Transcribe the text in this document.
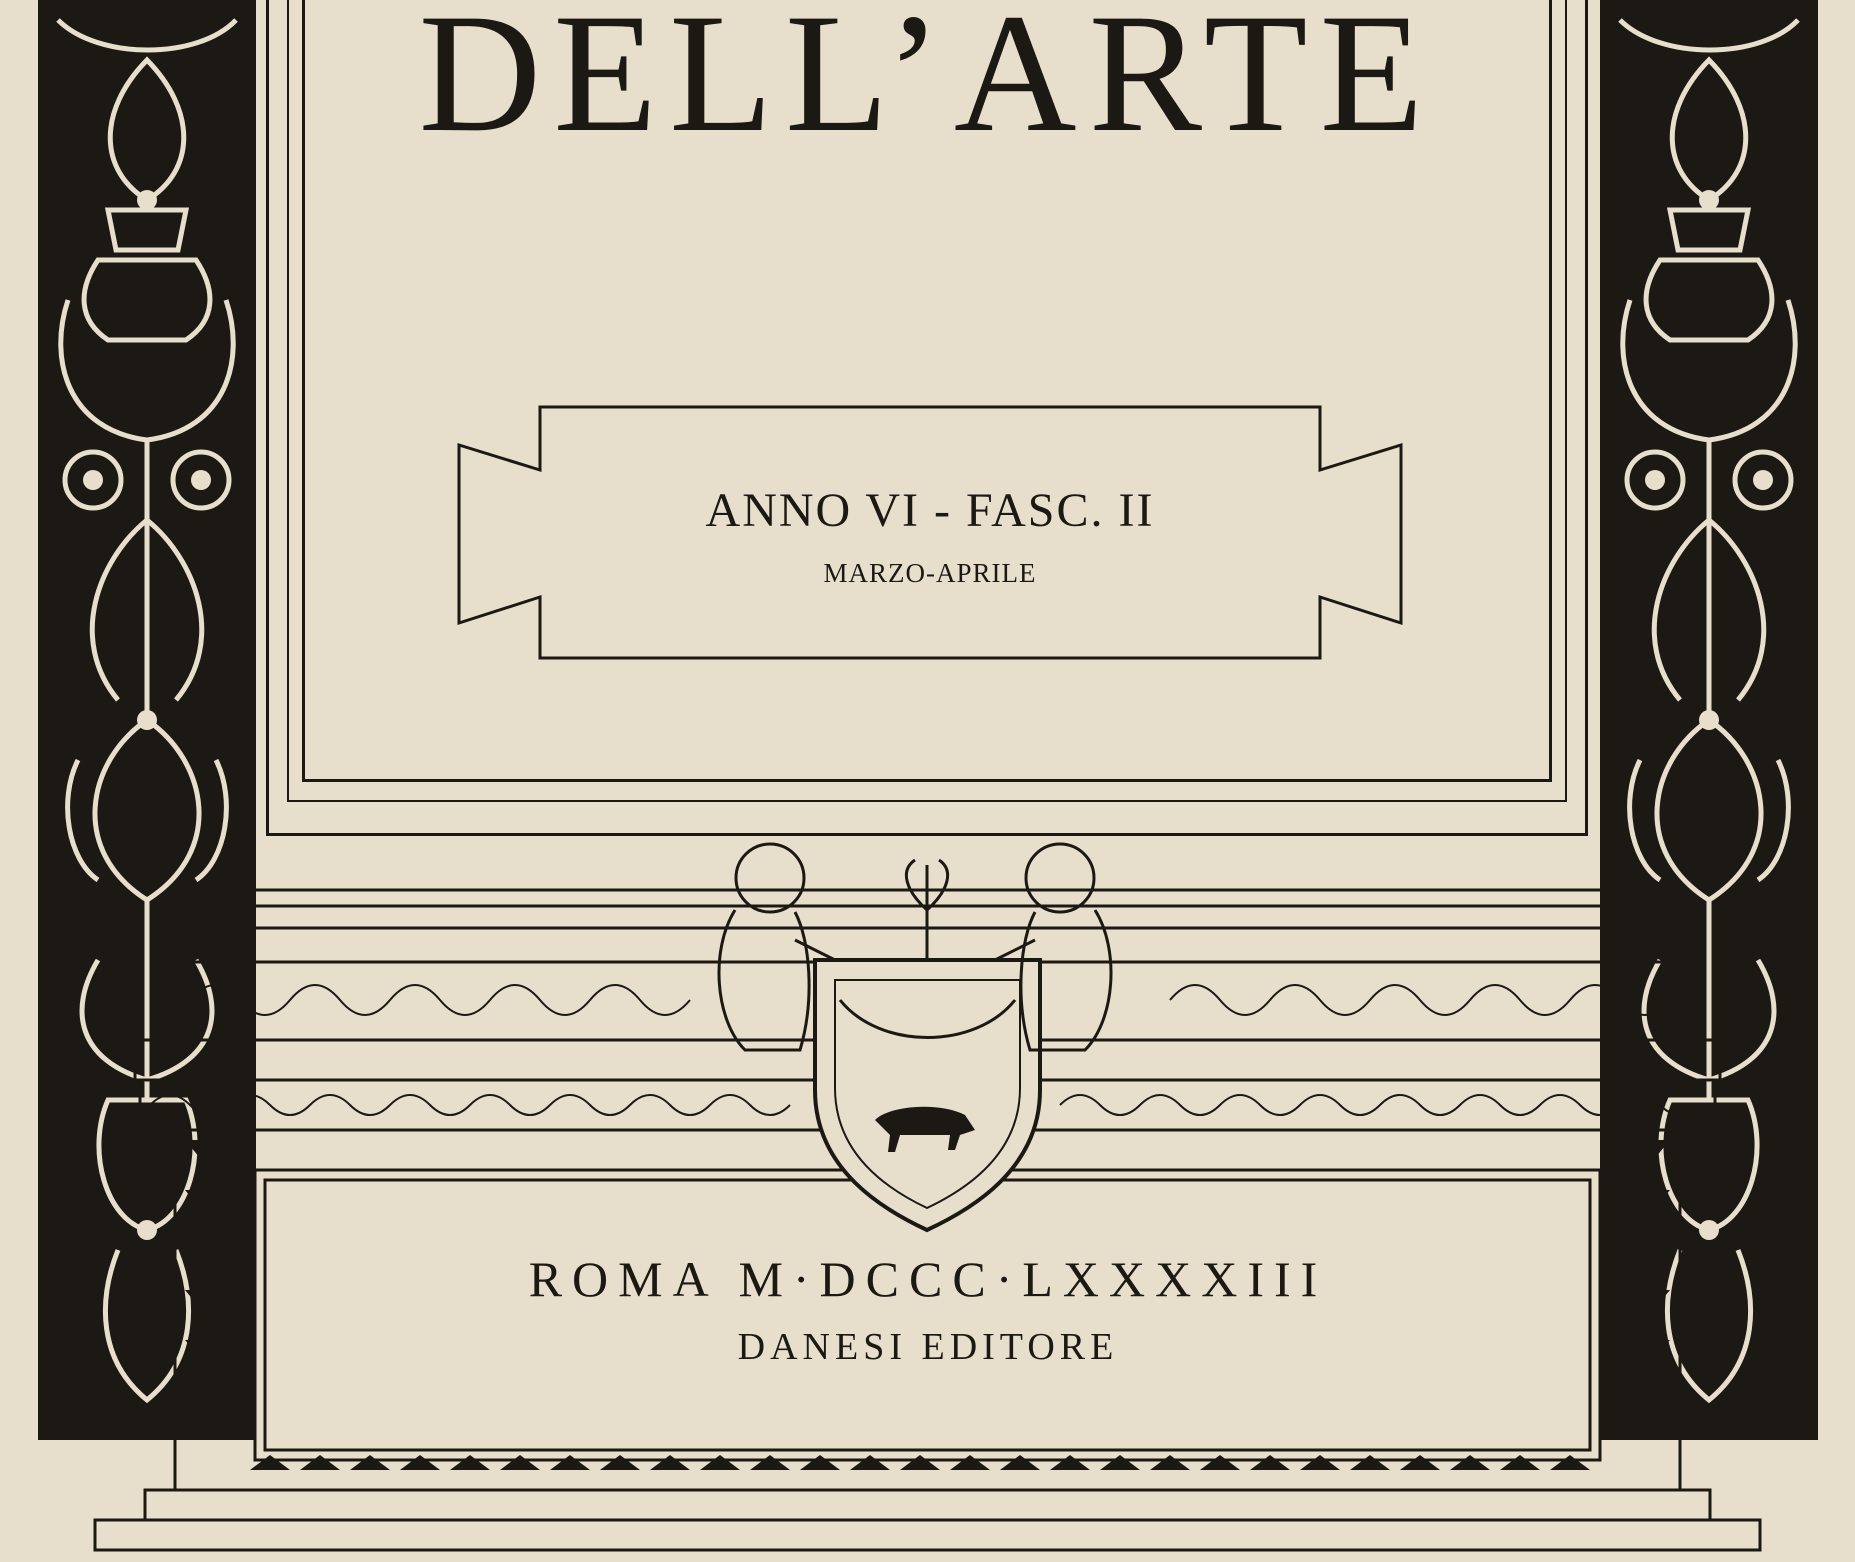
DELL’ARTE
ANNO VI - FASC. II
MARZO-APRILE
ROMA M·DCCC·LXXXXIII
DANESI EDITORE
